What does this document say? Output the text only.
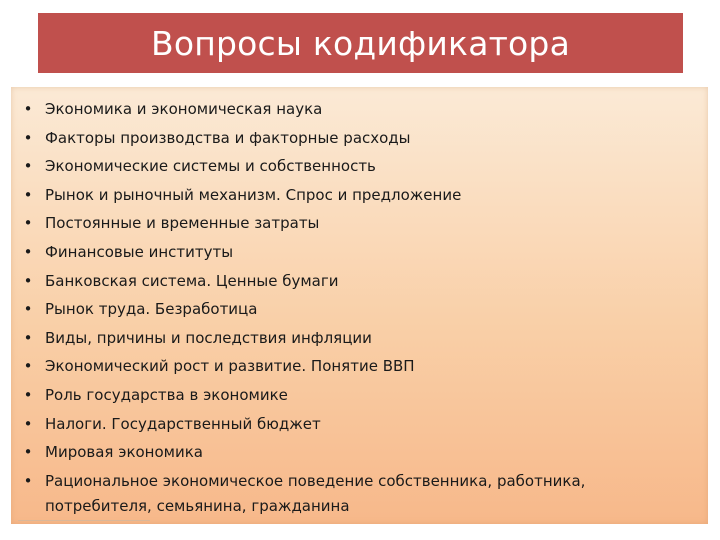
Вопросы кодификатора
• Экономика и экономическая наука
• Факторы производства и факторные расходы
• Экономические системы и собственность
• Рынок и рыночный механизм. Спрос и предложение
• Постоянные и временные затраты
• Финансовые институты
• Банковская система. Ценные бумаги
• Рынок труда. Безработица
• Виды, причины и последствия инфляции
• Экономический рост и развитие. Понятие ВВП
• Роль государства в экономике
• Налоги. Государственный бюджет
• Мировая экономика
• Рациональное экономическое поведение собственника, работника, потребителя, семьянина, гражданина
